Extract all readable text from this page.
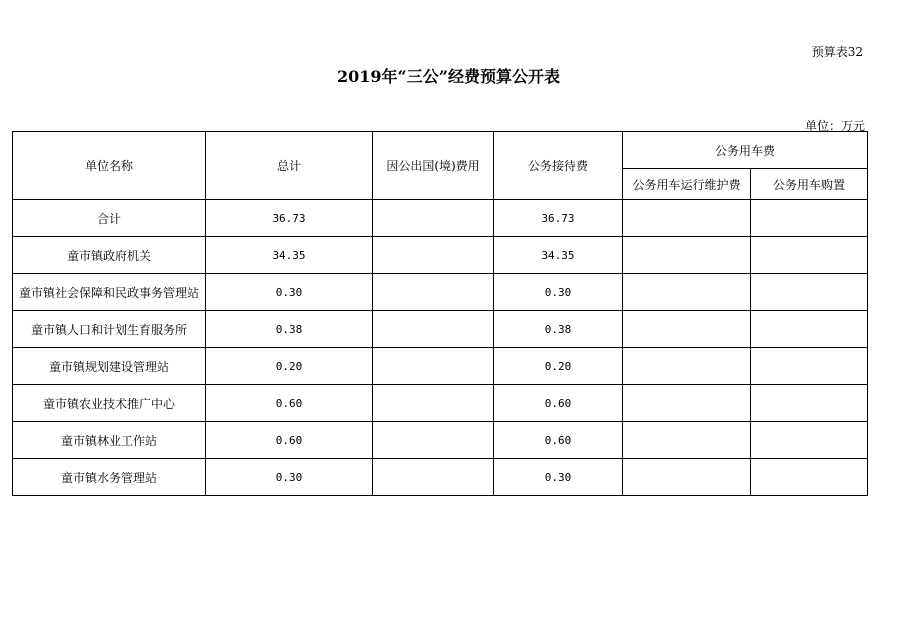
预算表32
2019年“三公”经费预算公开表
单位：万元
单位名称	总计	因公出国(境)费用	公务接待费	公务用车费	
				公务用车运行维护费	公务用车购置
合计	36.73		36.73		
童市镇政府机关	34.35		34.35		
童市镇社会保障和民政事务管理站	0.30		0.30		
童市镇人口和计划生育服务所	0.38		0.38		
童市镇规划建设管理站	0.20		0.20		
童市镇农业技术推广中心	0.60		0.60		
童市镇林业工作站	0.60		0.60		
童市镇水务管理站	0.30		0.30		
